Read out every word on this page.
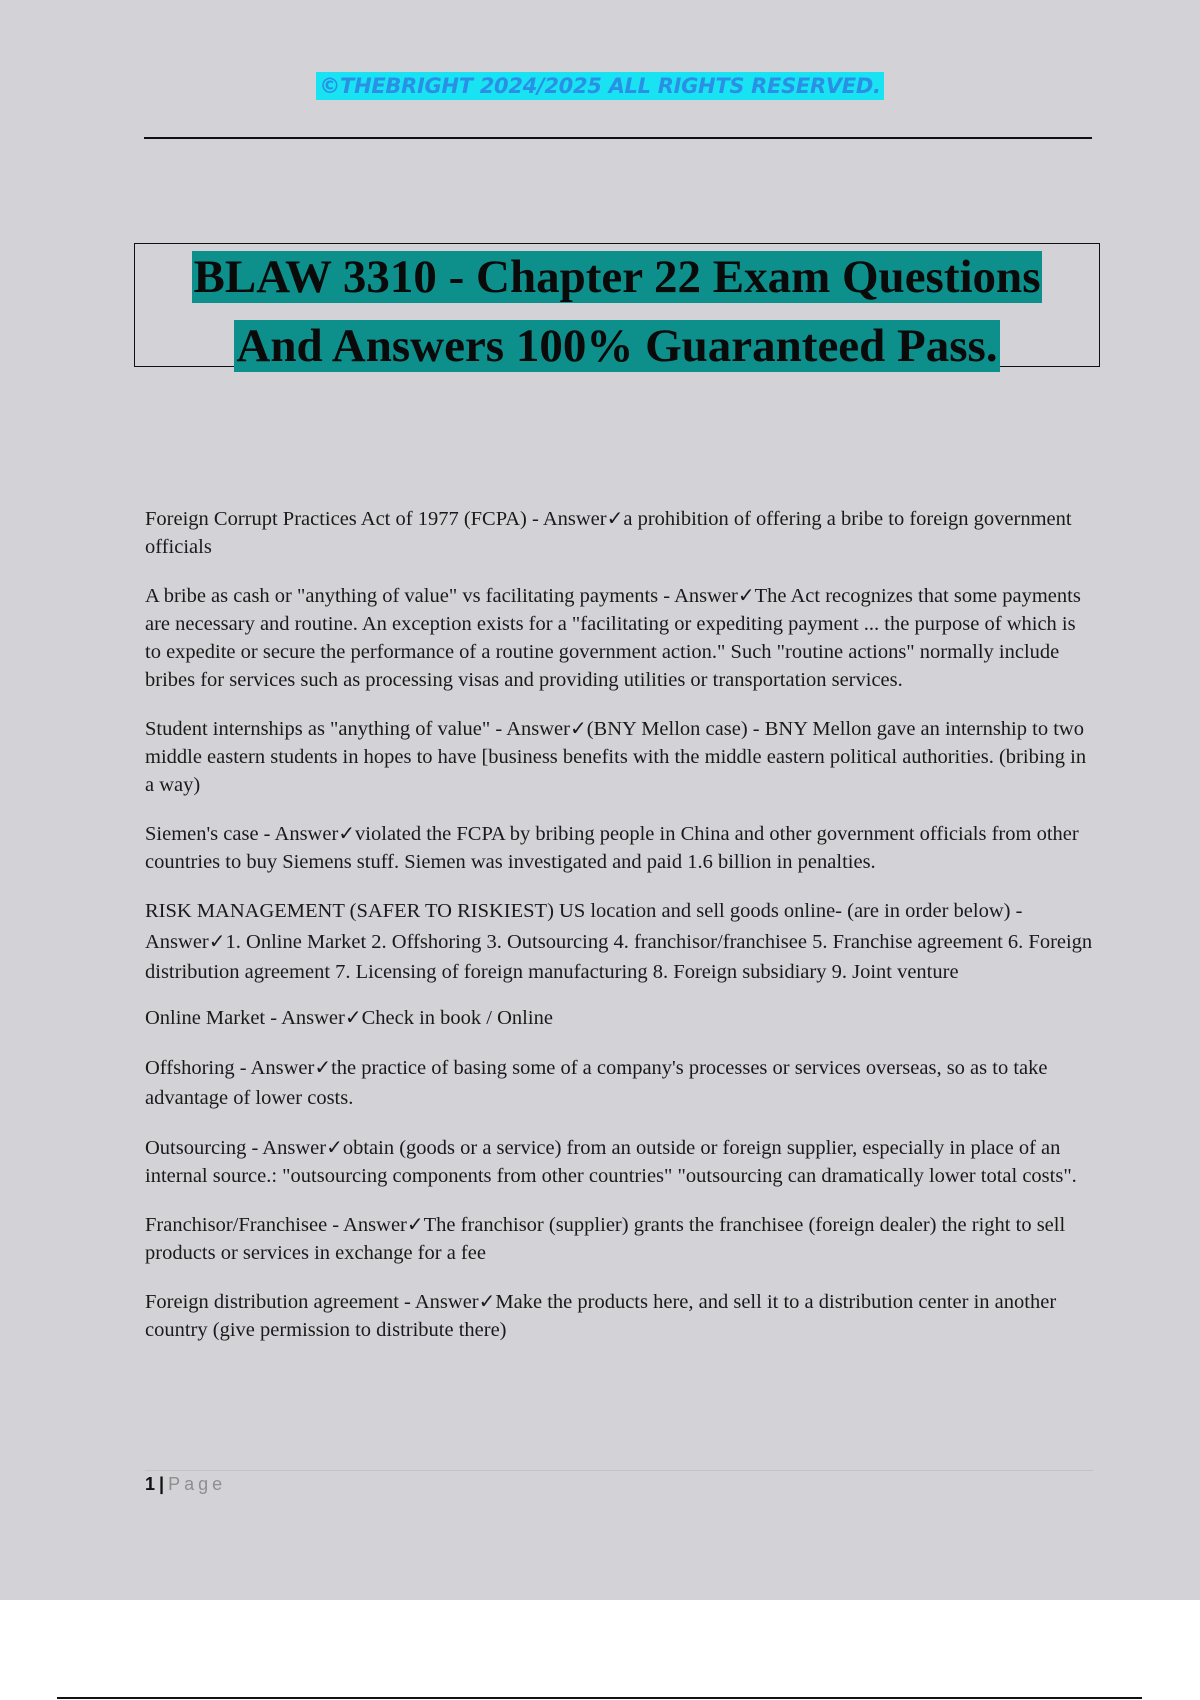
©THEBRIGHT 2024/2025 ALL RIGHTS RESERVED.
BLAW 3310 - Chapter 22 Exam Questions
And Answers 100% Guaranteed Pass.

Foreign Corrupt Practices Act of 1977 (FCPA) - Answer✓a prohibition of offering a bribe to foreign government officials

A bribe as cash or "anything of value" vs facilitating payments - Answer✓The Act recognizes that some payments are necessary and routine. An exception exists for a "facilitating or expediting payment ... the purpose of which is to expedite or secure the performance of a routine government action." Such "routine actions" normally include bribes for services such as processing visas and providing utilities or transportation services.

Student internships as "anything of value" - Answer✓(BNY Mellon case) - BNY Mellon gave an internship to two middle eastern students in hopes to have [business benefits with the middle eastern political authorities. (bribing in a way)

Siemen's case - Answer✓violated the FCPA by bribing people in China and other government officials from other countries to buy Siemens stuff. Siemen was investigated and paid 1.6 billion in penalties.

RISK MANAGEMENT (SAFER TO RISKIEST) US location and sell goods online- (are in order below) - Answer✓1. Online Market 2. Offshoring 3. Outsourcing 4. franchisor/franchisee 5. Franchise agreement 6. Foreign distribution agreement 7. Licensing of foreign manufacturing 8. Foreign subsidiary 9. Joint venture

Online Market - Answer✓Check in book / Online

Offshoring - Answer✓the practice of basing some of a company's processes or services overseas, so as to take advantage of lower costs.

Outsourcing - Answer✓obtain (goods or a service) from an outside or foreign supplier, especially in place of an internal source.: "outsourcing components from other countries" "outsourcing can dramatically lower total costs".

Franchisor/Franchisee - Answer✓The franchisor (supplier) grants the franchisee (foreign dealer) the right to sell products or services in exchange for a fee

Foreign distribution agreement - Answer✓Make the products here, and sell it to a distribution center in another country (give permission to distribute there)

1 | Page
